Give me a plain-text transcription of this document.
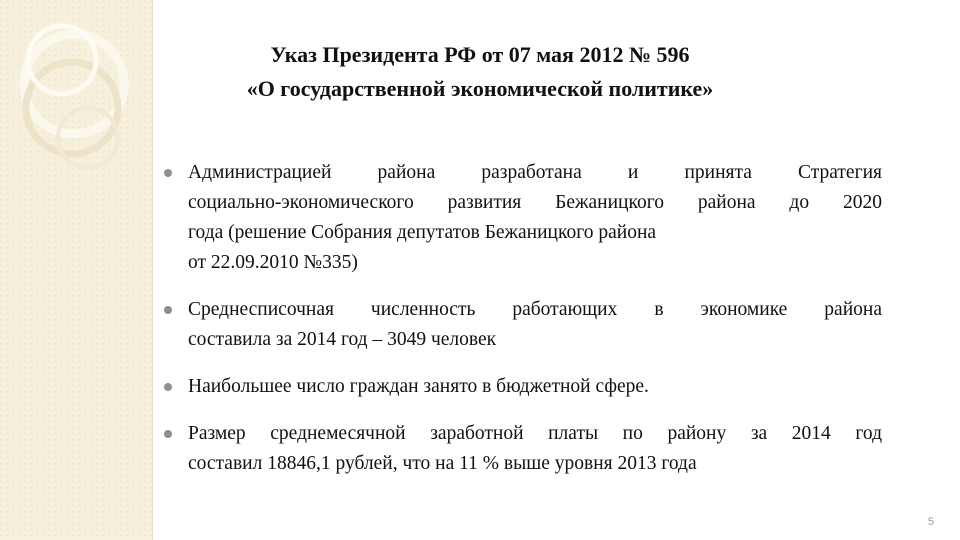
Указ Президента РФ от 07 мая 2012 № 596
«О государственной экономической политике»
Администрацией района разработана и принята Стратегия
социально-экономического развития Бежаницкого района до 2020
года (решение Собрания депутатов Бежаницкого района
от 22.09.2010 №335)
Среднесписочная численность работающих в экономике района
составила за 2014 год – 3049 человек
Наибольшее число граждан занято в бюджетной сфере.
Размер среднемесячной заработной платы по району за 2014 год
составил 18846,1 рублей, что на 11 % выше уровня 2013 года
5
